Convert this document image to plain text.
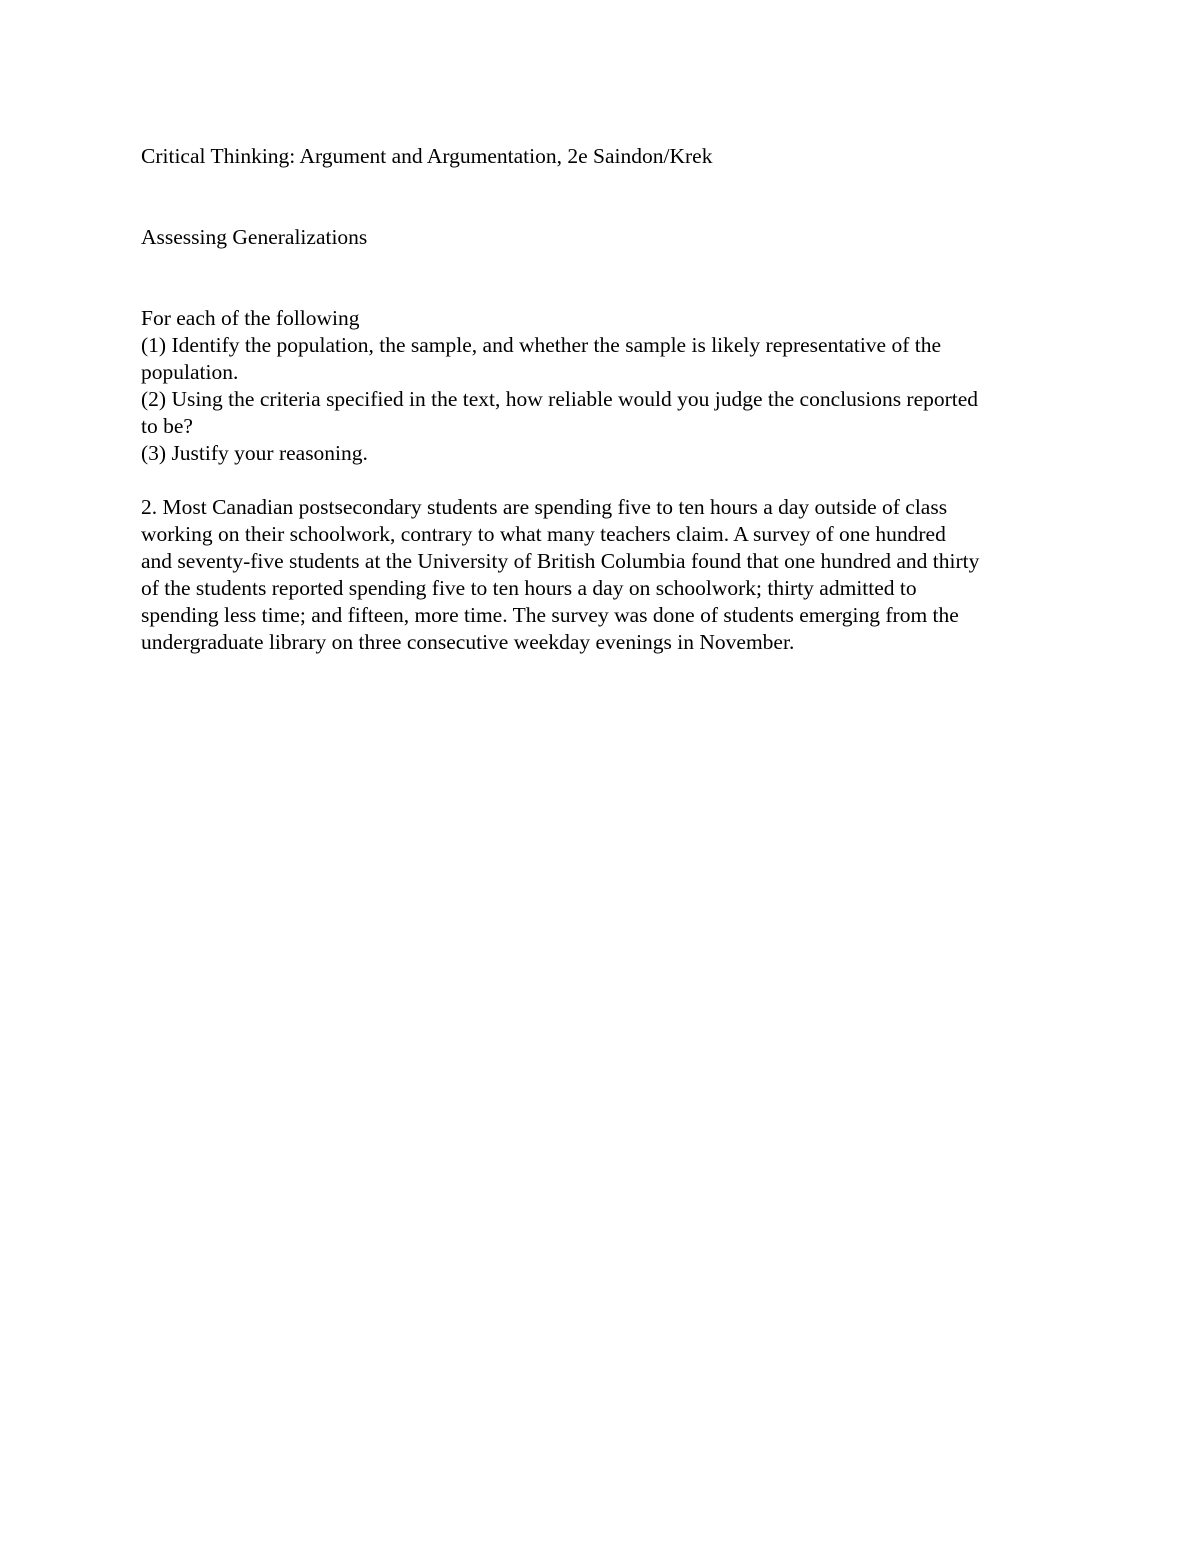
Critical Thinking: Argument and Argumentation, 2e Saindon/Krek
Assessing Generalizations
For each of the following
(1) Identify the population, the sample, and whether the sample is likely representative of the
population.
(2) Using the criteria specified in the text, how reliable would you judge the conclusions reported
to be?
(3) Justify your reasoning.
2. Most Canadian postsecondary students are spending five to ten hours a day outside of class
working on their schoolwork, contrary to what many teachers claim. A survey of one hundred
and seventy-five students at the University of British Columbia found that one hundred and thirty
of the students reported spending five to ten hours a day on schoolwork; thirty admitted to
spending less time; and fifteen, more time. The survey was done of students emerging from the
undergraduate library on three consecutive weekday evenings in November.
